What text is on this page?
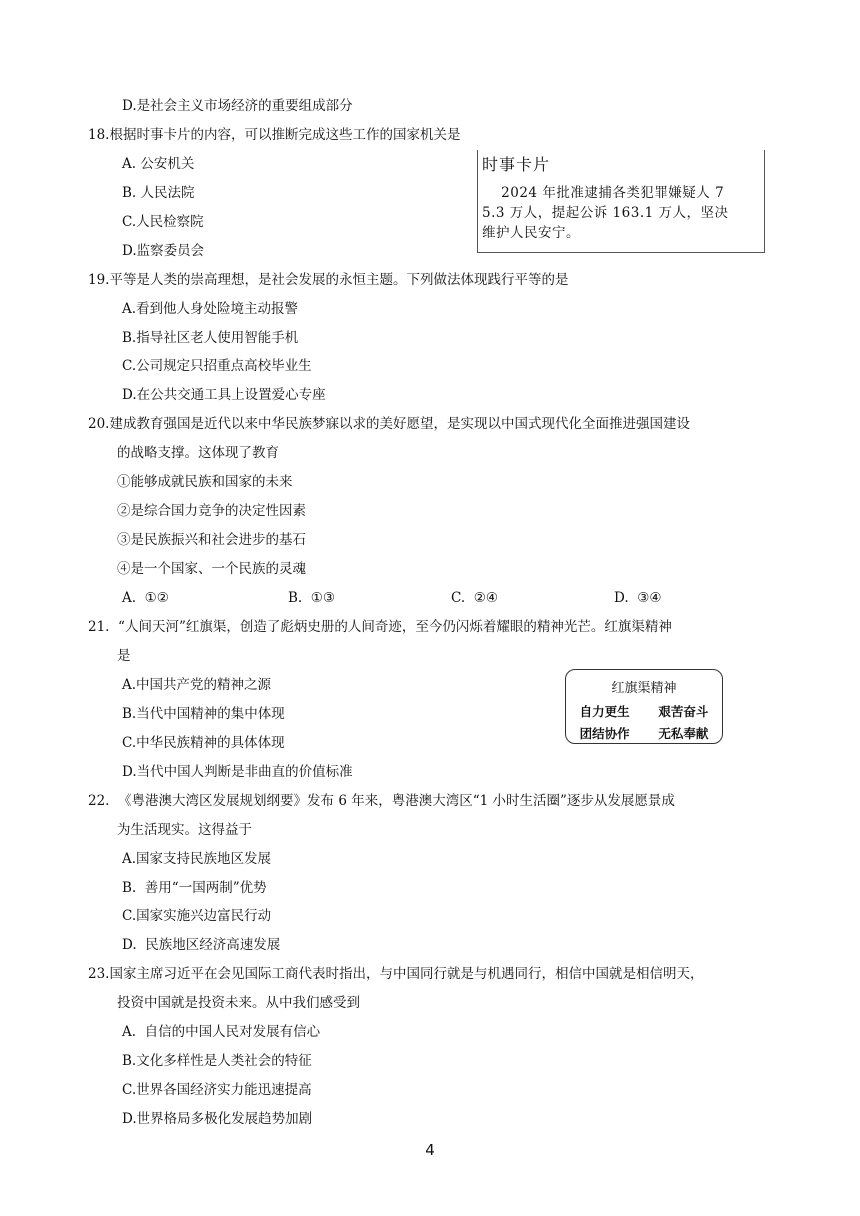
D.是社会主义市场经济的重要组成部分
18.根据时事卡片的内容，可以推断完成这些工作的国家机关是
A. 公安机关
B. 人民法院
C.人民检察院
D.监察委员会
时事卡片
2024 年批准逮捕各类犯罪嫌疑人 7
5.3 万人，提起公诉 163.1 万人，坚决
维护人民安宁。
19.平等是人类的崇高理想，是社会发展的永恒主题。下列做法体现践行平等的是
A.看到他人身处险境主动报警
B.指导社区老人使用智能手机
C.公司规定只招重点高校毕业生
D.在公共交通工具上设置爱心专座
20.建成教育强国是近代以来中华民族梦寐以求的美好愿望，是实现以中国式现代化全面推进强国建设
的战略支撑。这体现了教育
①能够成就民族和国家的未来
②是综合国力竞争的决定性因素
③是民族振兴和社会进步的基石
④是一个国家、一个民族的灵魂
A.  ①②	B.  ①③	C.  ②④	D.  ③④
21.  “人间天河”红旗渠，创造了彪炳史册的人间奇迹，至今仍闪烁着耀眼的精神光芒。红旗渠精神
是
A.中国共产党的精神之源
B.当代中国精神的集中体现
C.中华民族精神的具体体现
D.当代中国人判断是非曲直的价值标准
红旗渠精神
自力更生  艰苦奋斗
团结协作  无私奉献
22.  《粤港澳大湾区发展规划纲要》发布 6 年来，粤港澳大湾区“1 小时生活圈”逐步从发展愿景成
为生活现实。这得益于
A.国家支持民族地区发展
B.  善用“一国两制”优势
C.国家实施兴边富民行动
D.  民族地区经济高速发展
23.国家主席习近平在会见国际工商代表时指出，与中国同行就是与机遇同行，相信中国就是相信明天，
投资中国就是投资未来。从中我们感受到
A.  自信的中国人民对发展有信心
B.文化多样性是人类社会的特征
C.世界各国经济实力能迅速提高
D.世界格局多极化发展趋势加剧
4
